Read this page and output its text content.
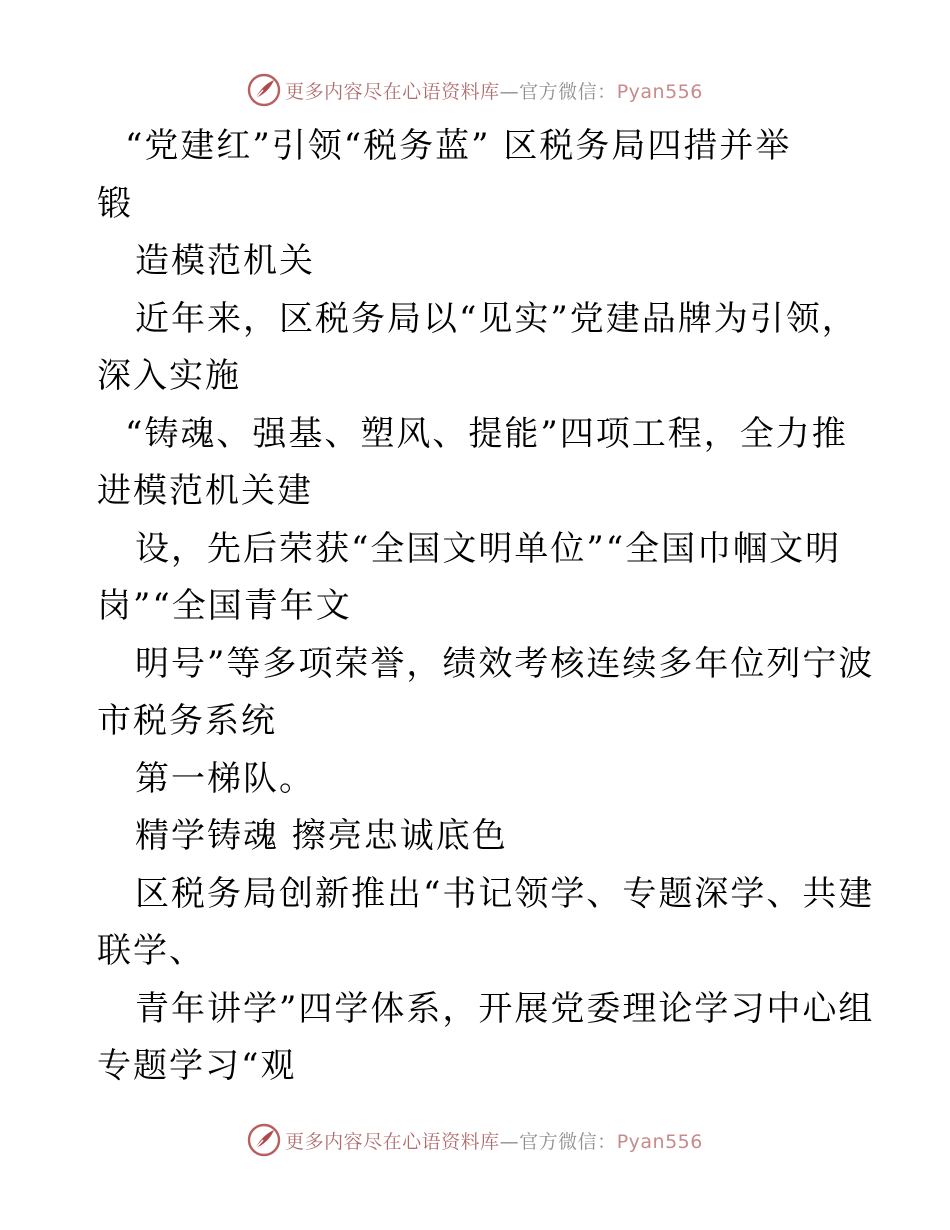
更多内容尽在心语资料库—官方微信：Pyan556
“党建红”引领“税务蓝” 区税务局四措并举
锻
造模范机关
近年来，区税务局以“见实”党建品牌为引领，
深入实施
“铸魂、强基、塑风、提能”四项工程，全力推
进模范机关建
设，先后荣获“全国文明单位”“全国巾帼文明
岗”“全国青年文
明号”等多项荣誉，绩效考核连续多年位列宁波
市税务系统
第一梯队。
精学铸魂 擦亮忠诚底色
区税务局创新推出“书记领学、专题深学、共建
联学、
青年讲学”四学体系，开展党委理论学习中心组
专题学习“观
更多内容尽在心语资料库—官方微信：Pyan556
